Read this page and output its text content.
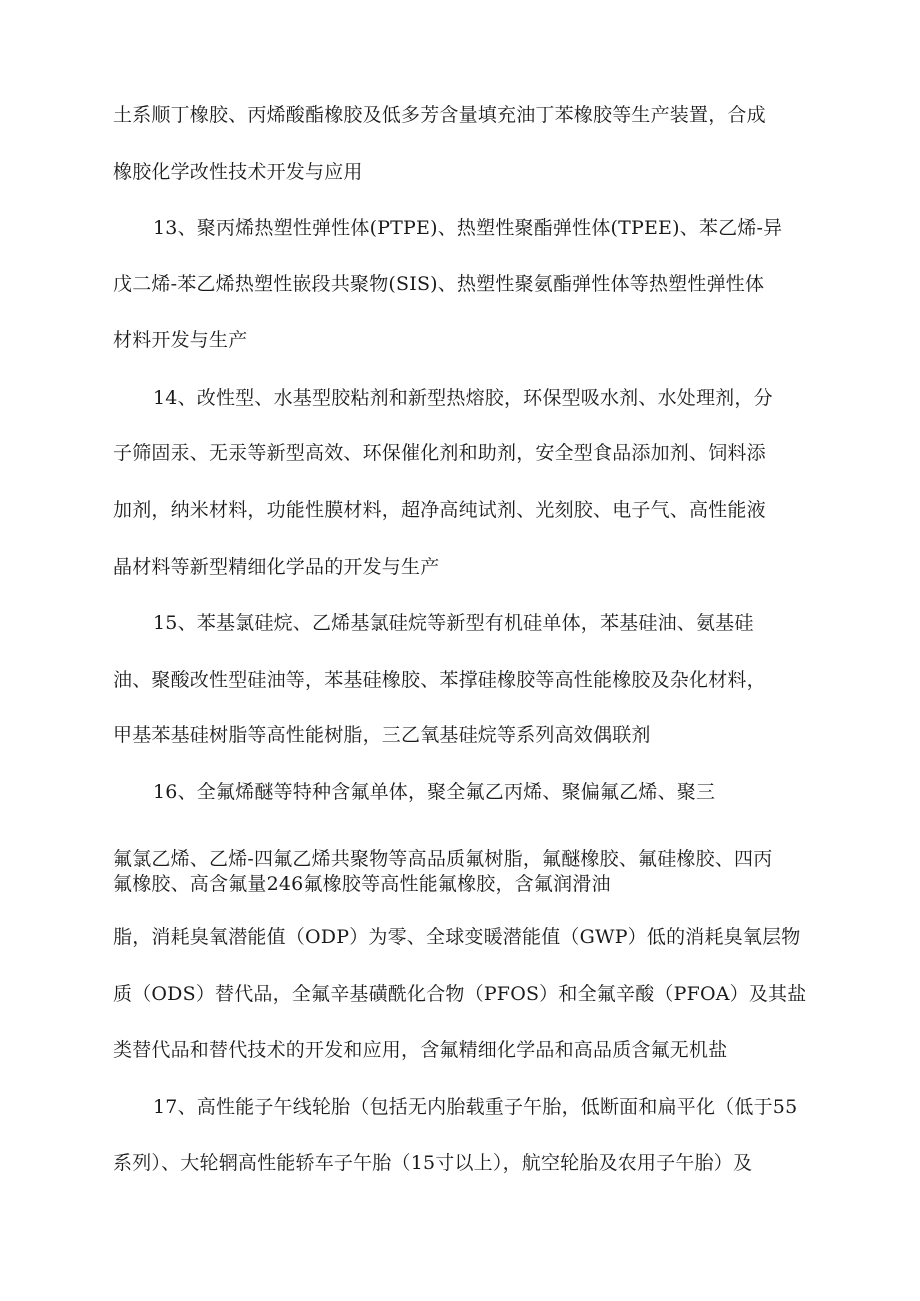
土系顺丁橡胶、丙烯酸酯橡胶及低多芳含量填充油丁苯橡胶等生产装置，合成
橡胶化学改性技术开发与应用
13、聚丙烯热塑性弹性体(PTPE)、热塑性聚酯弹性体(TPEE)、苯乙烯-异
戊二烯-苯乙烯热塑性嵌段共聚物(SIS)、热塑性聚氨酯弹性体等热塑性弹性体
材料开发与生产
14、改性型、水基型胶粘剂和新型热熔胶，环保型吸水剂、水处理剂，分
子筛固汞、无汞等新型高效、环保催化剂和助剂，安全型食品添加剂、饲料添
加剂，纳米材料，功能性膜材料，超净高纯试剂、光刻胶、电子气、高性能液
晶材料等新型精细化学品的开发与生产
15、苯基氯硅烷、乙烯基氯硅烷等新型有机硅单体，苯基硅油、氨基硅
油、聚酸改性型硅油等，苯基硅橡胶、苯撑硅橡胶等高性能橡胶及杂化材料，
甲基苯基硅树脂等高性能树脂，三乙氧基硅烷等系列高效偶联剂
16、全氟烯醚等特种含氟单体，聚全氟乙丙烯、聚偏氟乙烯、聚三
氟氯乙烯、乙烯-四氟乙烯共聚物等高品质氟树脂，氟醚橡胶、氟硅橡胶、四丙
氟橡胶、高含氟量246氟橡胶等高性能氟橡胶，含氟润滑油
脂，消耗臭氧潜能值（ODP）为零、全球变暖潜能值（GWP）低的消耗臭氧层物
质（ODS）替代品，全氟辛基磺酰化合物（PFOS）和全氟辛酸（PFOA）及其盐
类替代品和替代技术的开发和应用，含氟精细化学品和高品质含氟无机盐
17、高性能子午线轮胎（包括无内胎载重子午胎，低断面和扁平化（低于55
系列）、大轮辋高性能轿车子午胎（15寸以上），航空轮胎及农用子午胎）及
